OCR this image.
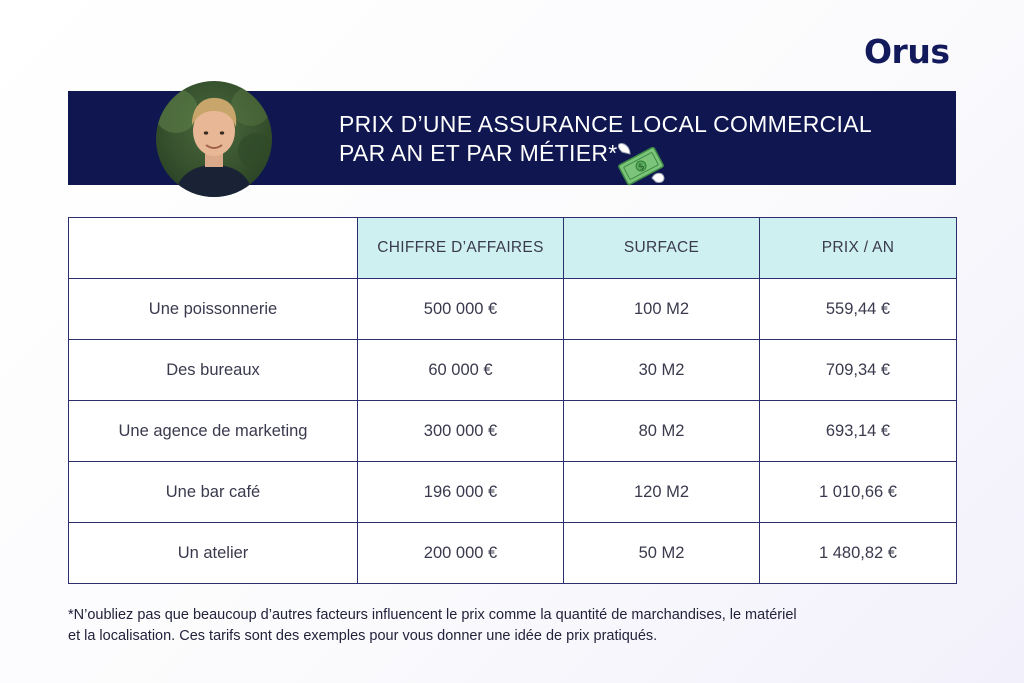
Orus
PRIX D’UNE ASSURANCE LOCAL COMMERCIAL
PAR AN ET PAR MÉTIER*
$
	CHIFFRE D’AFFAIRES	SURFACE	PRIX / AN
Une poissonnerie	500 000 €	100 M2	559,44 €
Des bureaux	60 000 €	30 M2	709,34 €
Une agence de marketing	300 000 €	80 M2	693,14 €
Une bar café	196 000 €	120 M2	1 010,66 €
Un atelier	200 000 €	50 M2	1 480,82 €
*N’oubliez pas que beaucoup d’autres facteurs influencent le prix comme la quantité de marchandises, le matériel
et la localisation. Ces tarifs sont des exemples pour vous donner une idée de prix pratiqués.
